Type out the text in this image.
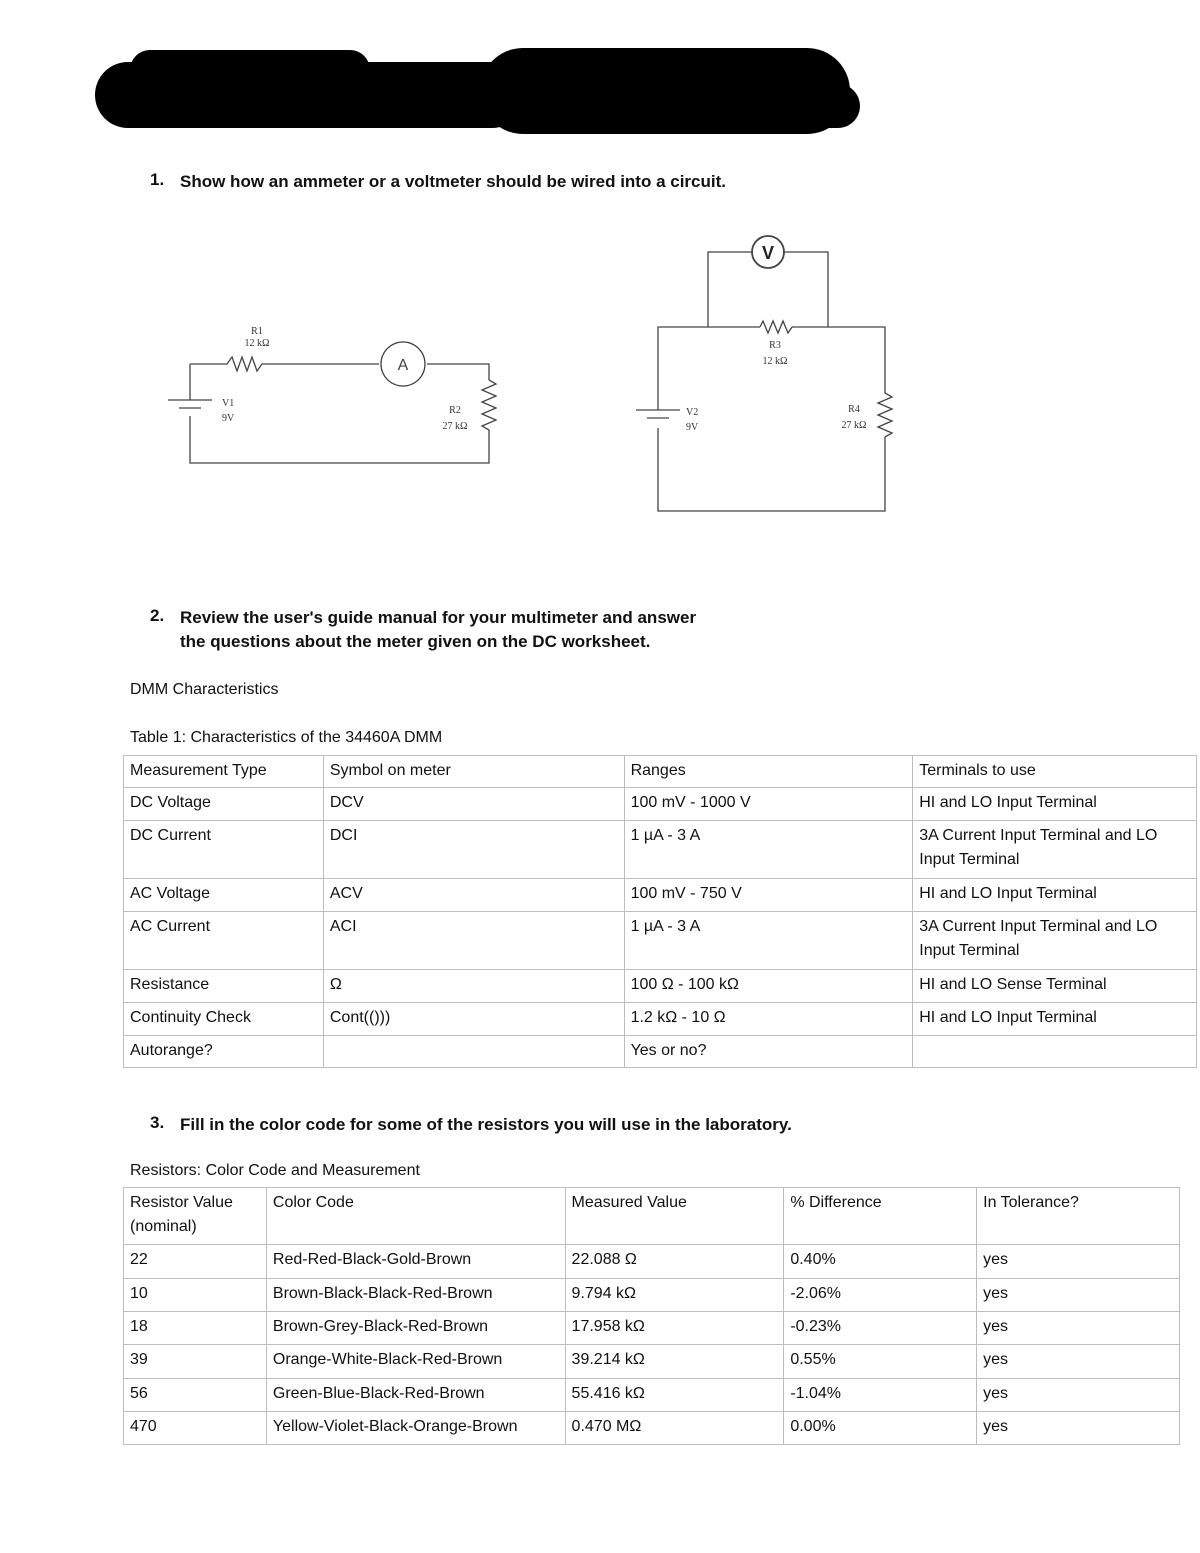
1. Show how an ammeter or a voltmeter should be wired into a circuit.
R1
12 kΩ
A
V1
9V
R2
27 kΩ
V
R3
12 kΩ
V2
9V
R4
27 kΩ
2. Review the user's guide manual for your multimeter and answer
the questions about the meter given on the DC worksheet.
DMM Characteristics
Table 1: Characteristics of the 34460A DMM
Measurement Type	Symbol on meter	Ranges	Terminals to use
DC Voltage	DCV	100 mV - 1000 V	HI and LO Input Terminal
DC Current	DCI	1 µA - 3 A	3A Current Input Terminal and LO Input Terminal
AC Voltage	ACV	100 mV - 750 V	HI and LO Input Terminal
AC Current	ACI	1 µA - 3 A	3A Current Input Terminal and LO Input Terminal
Resistance	Ω	100 Ω - 100 kΩ	HI and LO Sense Terminal
Continuity Check	Cont(()))	1.2 kΩ - 10 Ω	HI and LO Input Terminal
Autorange?		Yes or no?	
3. Fill in the color code for some of the resistors you will use in the laboratory.
Resistors: Color Code and Measurement
Resistor Value (nominal)	Color Code	Measured Value	% Difference	In Tolerance?
22	Red-Red-Black-Gold-Brown	22.088 Ω	0.40%	yes
10	Brown-Black-Black-Red-Brown	9.794 kΩ	-2.06%	yes
18	Brown-Grey-Black-Red-Brown	17.958 kΩ	-0.23%	yes
39	Orange-White-Black-Red-Brown	39.214 kΩ	0.55%	yes
56	Green-Blue-Black-Red-Brown	55.416 kΩ	-1.04%	yes
470	Yellow-Violet-Black-Orange-Brown	0.470 MΩ	0.00%	yes
